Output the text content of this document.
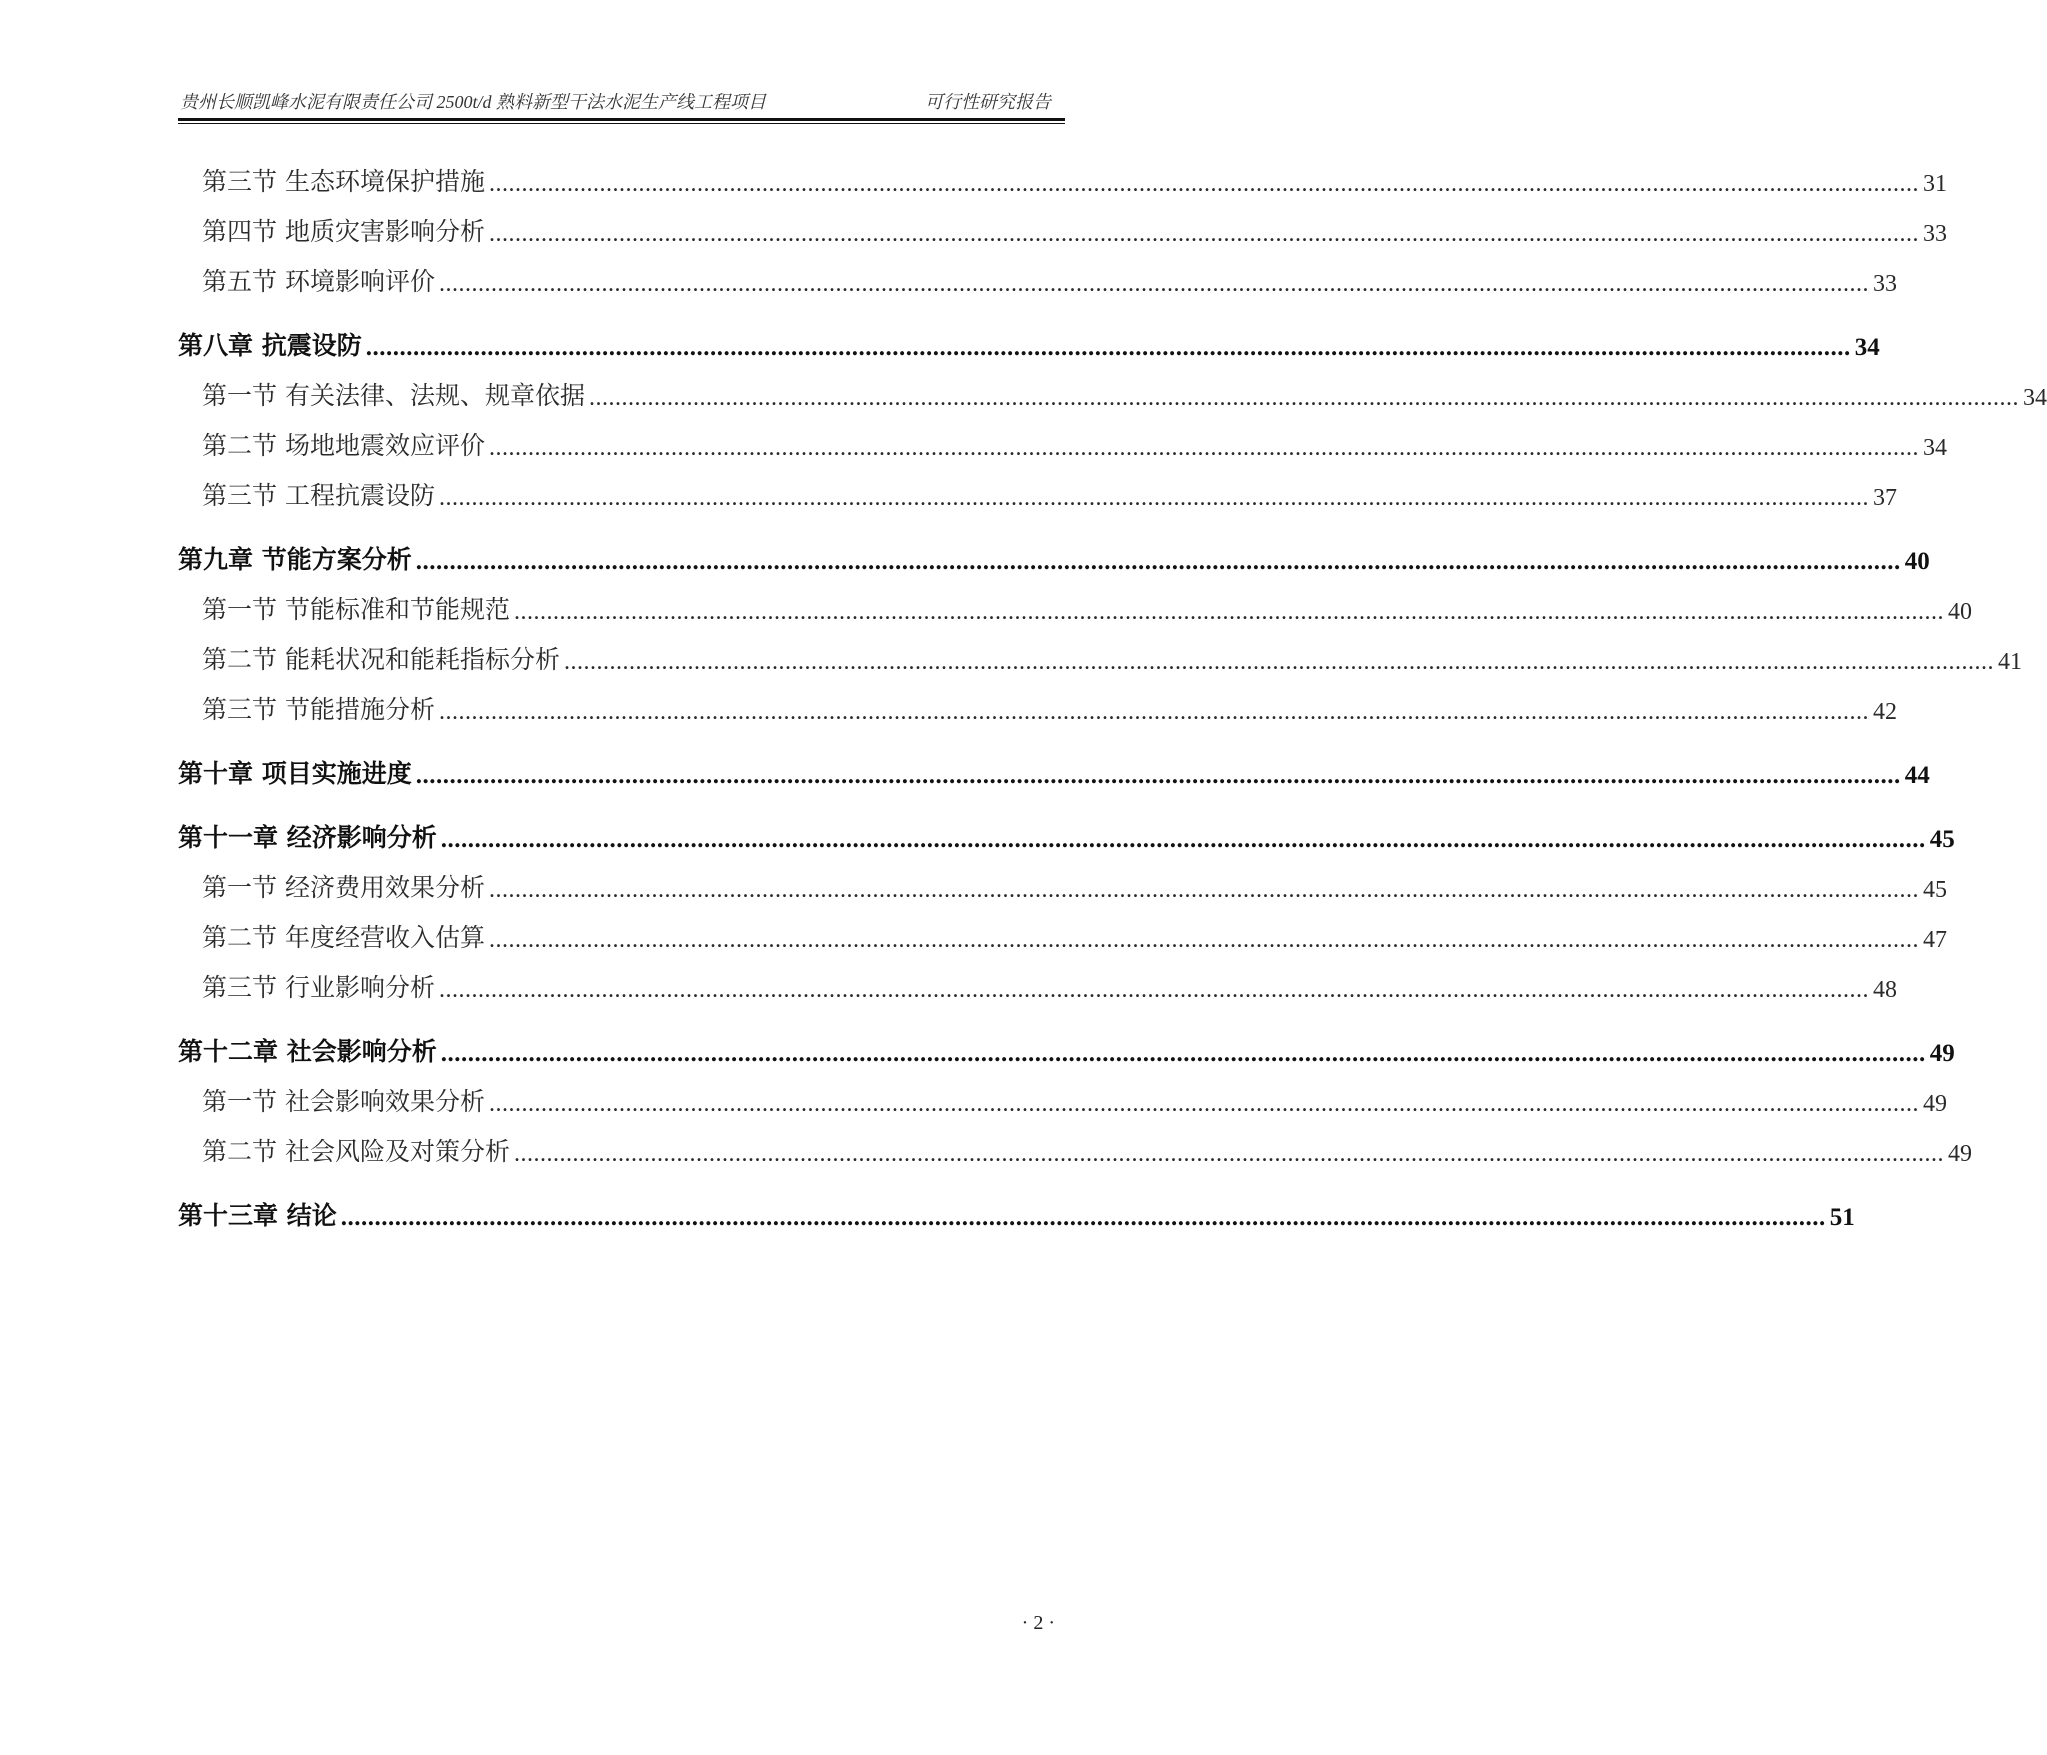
贵州长顺凯峰水泥有限责任公司 2500t/d 熟料新型干法水泥生产线工程项目	可行性研究报告
第三节 生态环境保护措施 ............................................................................................................................................................................................................................ 31
第四节 地质灾害影响分析 ............................................................................................................................................................................................................................ 33
第五节 环境影响评价 ............................................................................................................................................................................................................................ 33
第八章 抗震设防 ............................................................................................................................................................................................................................ 34
第一节 有关法律、法规、规章依据 ............................................................................................................................................................................................................................ 34
第二节 场地地震效应评价 ............................................................................................................................................................................................................................ 34
第三节 工程抗震设防 ............................................................................................................................................................................................................................ 37
第九章 节能方案分析 ............................................................................................................................................................................................................................ 40
第一节 节能标准和节能规范 ............................................................................................................................................................................................................................ 40
第二节 能耗状况和能耗指标分析 ............................................................................................................................................................................................................................ 41
第三节 节能措施分析 ............................................................................................................................................................................................................................ 42
第十章 项目实施进度 ............................................................................................................................................................................................................................ 44
第十一章 经济影响分析 ............................................................................................................................................................................................................................ 45
第一节 经济费用效果分析 ............................................................................................................................................................................................................................ 45
第二节 年度经营收入估算 ............................................................................................................................................................................................................................ 47
第三节 行业影响分析 ............................................................................................................................................................................................................................ 48
第十二章 社会影响分析 ............................................................................................................................................................................................................................ 49
第一节 社会影响效果分析 ............................................................................................................................................................................................................................ 49
第二节 社会风险及对策分析 ............................................................................................................................................................................................................................ 49
第十三章 结论 ............................................................................................................................................................................................................................ 51
· 2 ·
